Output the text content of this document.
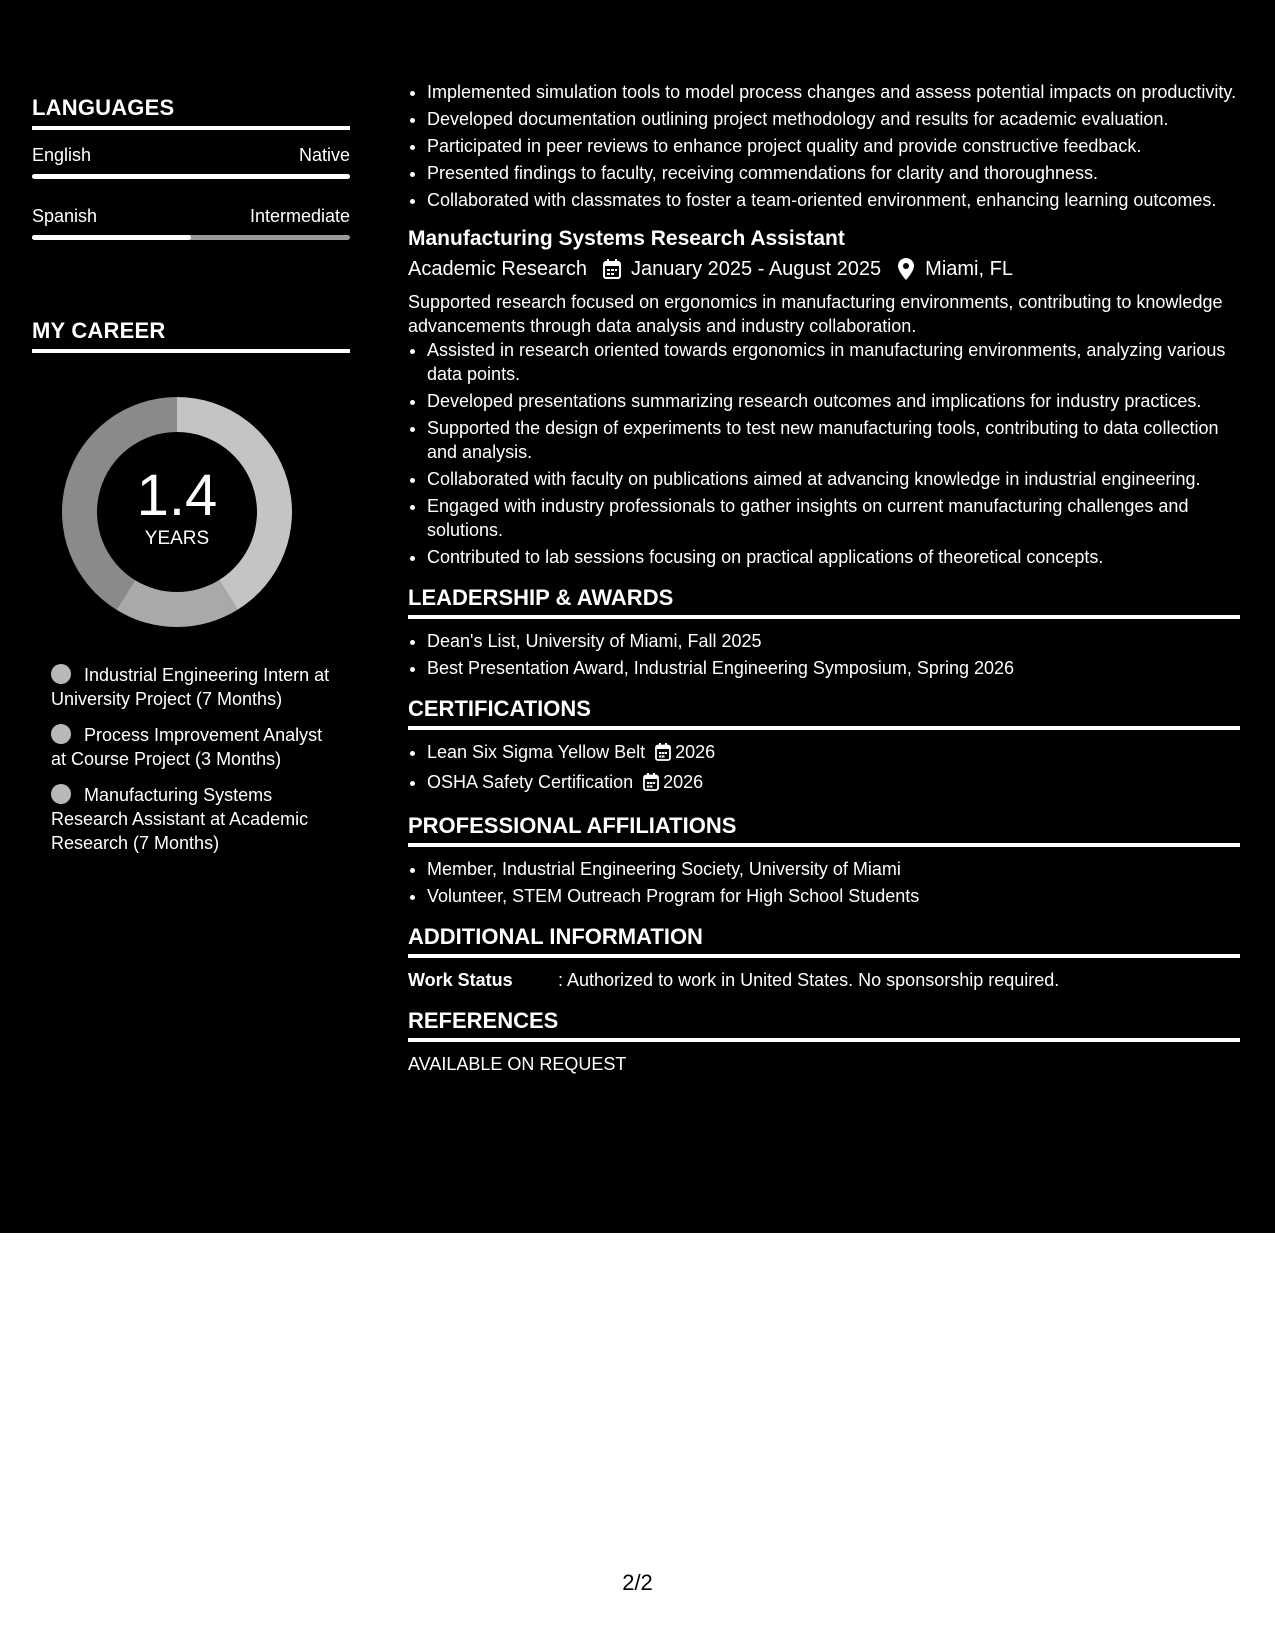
LANGUAGES
English	Native
Spanish	Intermediate
MY CAREER
1.4
YEARS
Industrial Engineering Intern at University Project (7 Months)
Process Improvement Analyst at Course Project (3 Months)
Manufacturing Systems Research Assistant at Academic Research (7 Months)
• Implemented simulation tools to model process changes and assess potential impacts on productivity.
• Developed documentation outlining project methodology and results for academic evaluation.
• Participated in peer reviews to enhance project quality and provide constructive feedback.
• Presented findings to faculty, receiving commendations for clarity and thoroughness.
• Collaborated with classmates to foster a team-oriented environment, enhancing learning outcomes.
Manufacturing Systems Research Assistant
Academic Research January 2025 - August 2025 Miami, FL
Supported research focused on ergonomics in manufacturing environments, contributing to knowledge advancements through data analysis and industry collaboration.
• Assisted in research oriented towards ergonomics in manufacturing environments, analyzing various data points.
• Developed presentations summarizing research outcomes and implications for industry practices.
• Supported the design of experiments to test new manufacturing tools, contributing to data collection and analysis.
• Collaborated with faculty on publications aimed at advancing knowledge in industrial engineering.
• Engaged with industry professionals to gather insights on current manufacturing challenges and solutions.
• Contributed to lab sessions focusing on practical applications of theoretical concepts.
LEADERSHIP & AWARDS
• Dean's List, University of Miami, Fall 2025
• Best Presentation Award, Industrial Engineering Symposium, Spring 2026
CERTIFICATIONS
• Lean Six Sigma Yellow Belt 2026
• OSHA Safety Certification 2026
PROFESSIONAL AFFILIATIONS
• Member, Industrial Engineering Society, University of Miami
• Volunteer, STEM Outreach Program for High School Students
ADDITIONAL INFORMATION
Work Status	: Authorized to work in United States. No sponsorship required.
REFERENCES
AVAILABLE ON REQUEST
2/2
